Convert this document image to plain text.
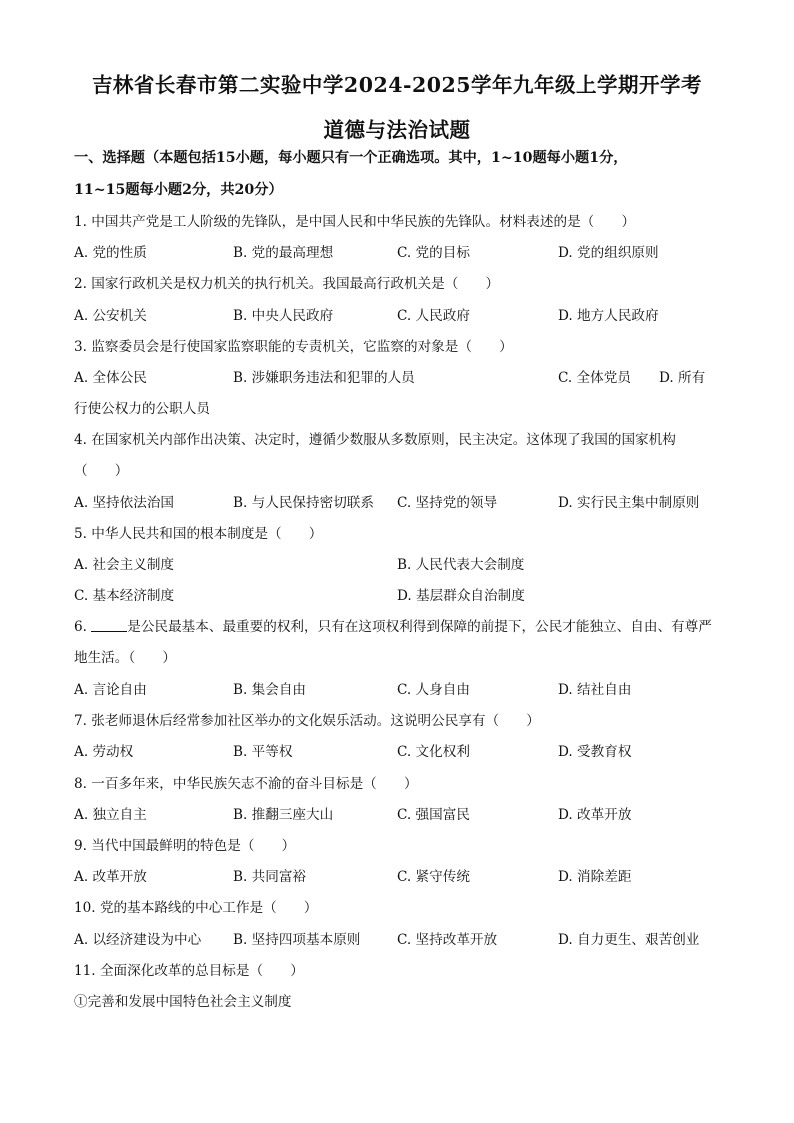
吉林省长春市第二实验中学2024-2025学年九年级上学期开学考
道德与法治试题
一、选择题（本题包括15小题，每小题只有一个正确选项。其中，1~10题每小题1分，
11~15题每小题2分，共20分）
1. 中国共产党是工人阶级的先锋队，是中国人民和中华民族的先锋队。材料表述的是（　　）
A. 党的性质	B. 党的最高理想	C. 党的目标	D. 党的组织原则
2. 国家行政机关是权力机关的执行机关。我国最高行政机关是（　　）
A. 公安机关	B. 中央人民政府	C. 人民政府	D. 地方人民政府
3. 监察委员会是行使国家监察职能的专责机关，它监察的对象是（　　）
A. 全体公民	B. 涉嫌职务违法和犯罪的人员	C. 全体党员 D. 所有
行使公权力的公职人员
4. 在国家机关内部作出决策、决定时，遵循少数服从多数原则，民主决定。这体现了我国的国家机构
（　　）
A. 坚持依法治国	B. 与人民保持密切联系 C. 坚持党的领导	D. 实行民主集中制原则
5. 中华人民共和国的根本制度是（　　）
A. 社会主义制度	B. 人民代表大会制度
C. 基本经济制度	D. 基层群众自治制度
6.	是公民最基本、最重要的权利，只有在这项权利得到保障的前提下，公民才能独立、自由、有尊严
地生活。（　　）
A. 言论自由	B. 集会自由	C. 人身自由	D. 结社自由
7. 张老师退休后经常参加社区举办的文化娱乐活动。这说明公民享有（　　）
A. 劳动权	B. 平等权	C. 文化权利	D. 受教育权
8. 一百多年来，中华民族矢志不渝的奋斗目标是（　　）
A. 独立自主	B. 推翻三座大山	C. 强国富民	D. 改革开放
9. 当代中国最鲜明的特色是（　　）
A. 改革开放	B. 共同富裕	C. 紧守传统	D. 消除差距
10. 党的基本路线的中心工作是（　　）
A. 以经济建设为中心 B. 坚持四项基本原则	C. 坚持改革开放	D. 自力更生、艰苦创业
11. 全面深化改革的总目标是（　　）
①完善和发展中国特色社会主义制度
